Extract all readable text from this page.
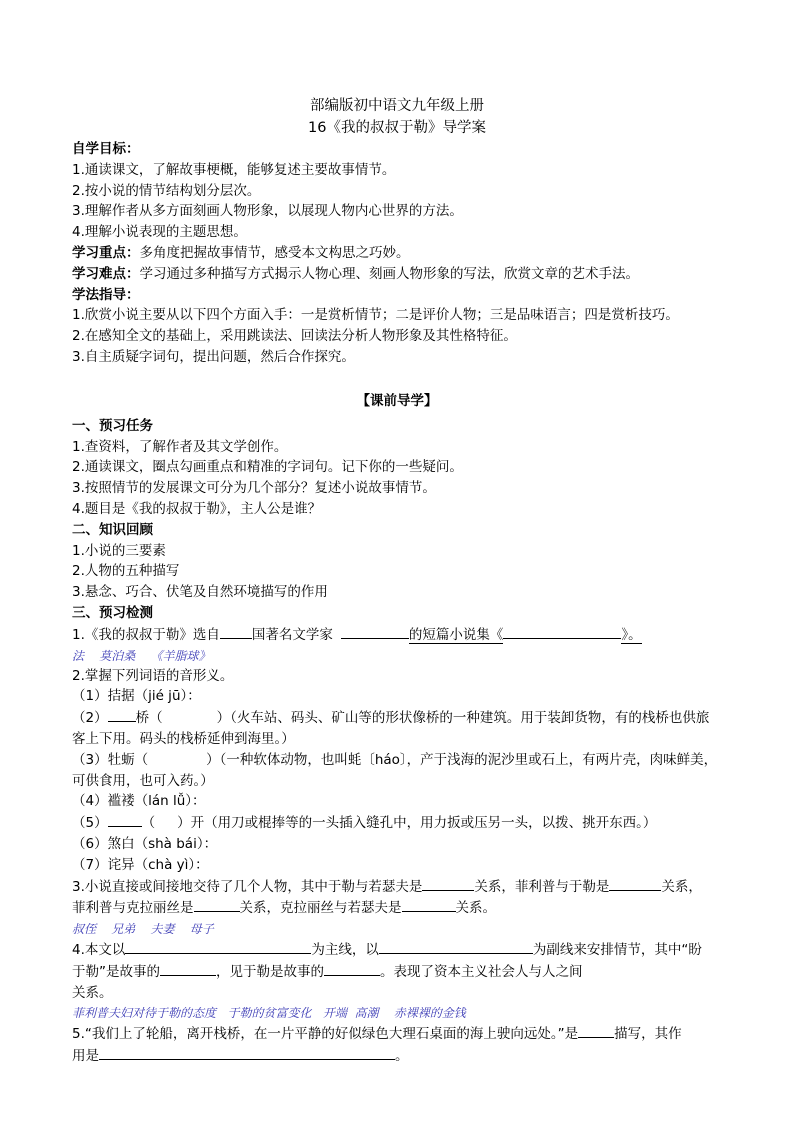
部编版初中语文九年级上册
16《我的叔叔于勒》导学案
自学目标：
1.通读课文，了解故事梗概，能够复述主要故事情节。
2.按小说的情节结构划分层次。
3.理解作者从多方面刻画人物形象，以展现人物内心世界的方法。
4.理解小说表现的主题思想。
学习重点：多角度把握故事情节，感受本文构思之巧妙。
学习难点：学习通过多种描写方式揭示人物心理、刻画人物形象的写法，欣赏文章的艺术手法。
学法指导：
1.欣赏小说主要从以下四个方面入手：一是赏析情节；二是评价人物；三是品味语言；四是赏析技巧。
2.在感知全文的基础上，采用跳读法、回读法分析人物形象及其性格特征。
3.自主质疑字词句，提出问题，然后合作探究。
【课前导学】
一、预习任务
1.查资料，了解作者及其文学创作。
2.通读课文，圈点勾画重点和精准的字词句。记下你的一些疑问。
3.按照情节的发展课文可分为几个部分？复述小说故事情节。
4.题目是《我的叔叔于勒》，主人公是谁？
二、知识回顾
1.小说的三要素
2.人物的五种描写
3.悬念、巧合、伏笔及自然环境描写的作用
三、预习检测
1.《我的叔叔于勒》选自 国著名文学家	的短篇小说集《	》。
法    莫泊桑    《羊脂球》
2.掌握下列词语的音形义。
（1）拮据（jié jū）：
（2） 桥（	）（火车站、码头、矿山等的形状像桥的一种建筑。用于装卸货物，有的栈桥也供旅客上下用。码头的栈桥延伸到海里。）
（3）牡蛎（	）（一种软体动物，也叫蚝〔háo〕，产于浅海的泥沙里或石上，有两片壳，肉味鲜美，可供食用，也可入药。）
（4）褴褛（lán lǚ）：
（5）	（ ）开（用刀或棍捧等的一头插入缝孔中，用力扳或压另一头，以拨、挑开东西。）
（6）煞白（shà bái）：
（7）诧异（chà yì）：
3.小说直接或间接地交待了几个人物，其中于勒与若瑟夫是	关系，菲利普与于勒是	关系，
菲利普与克拉丽丝是	关系，克拉丽丝与若瑟夫是	关系。
叔侄    兄弟    夫妻    母子
4.本文以	为主线，以	为副线来安排情节，其中“盼
于勒”是故事的	，见于勒是故事的	。表现了资本主义社会人与人之间
关系。
菲利普夫妇对待于勒的态度   于勒的贫富变化   开端  高潮    赤裸裸的金钱
5.“我们上了轮船，离开栈桥，在一片平静的好似绿色大理石桌面的海上驶向远处。”是	描写，其作
用是	。
